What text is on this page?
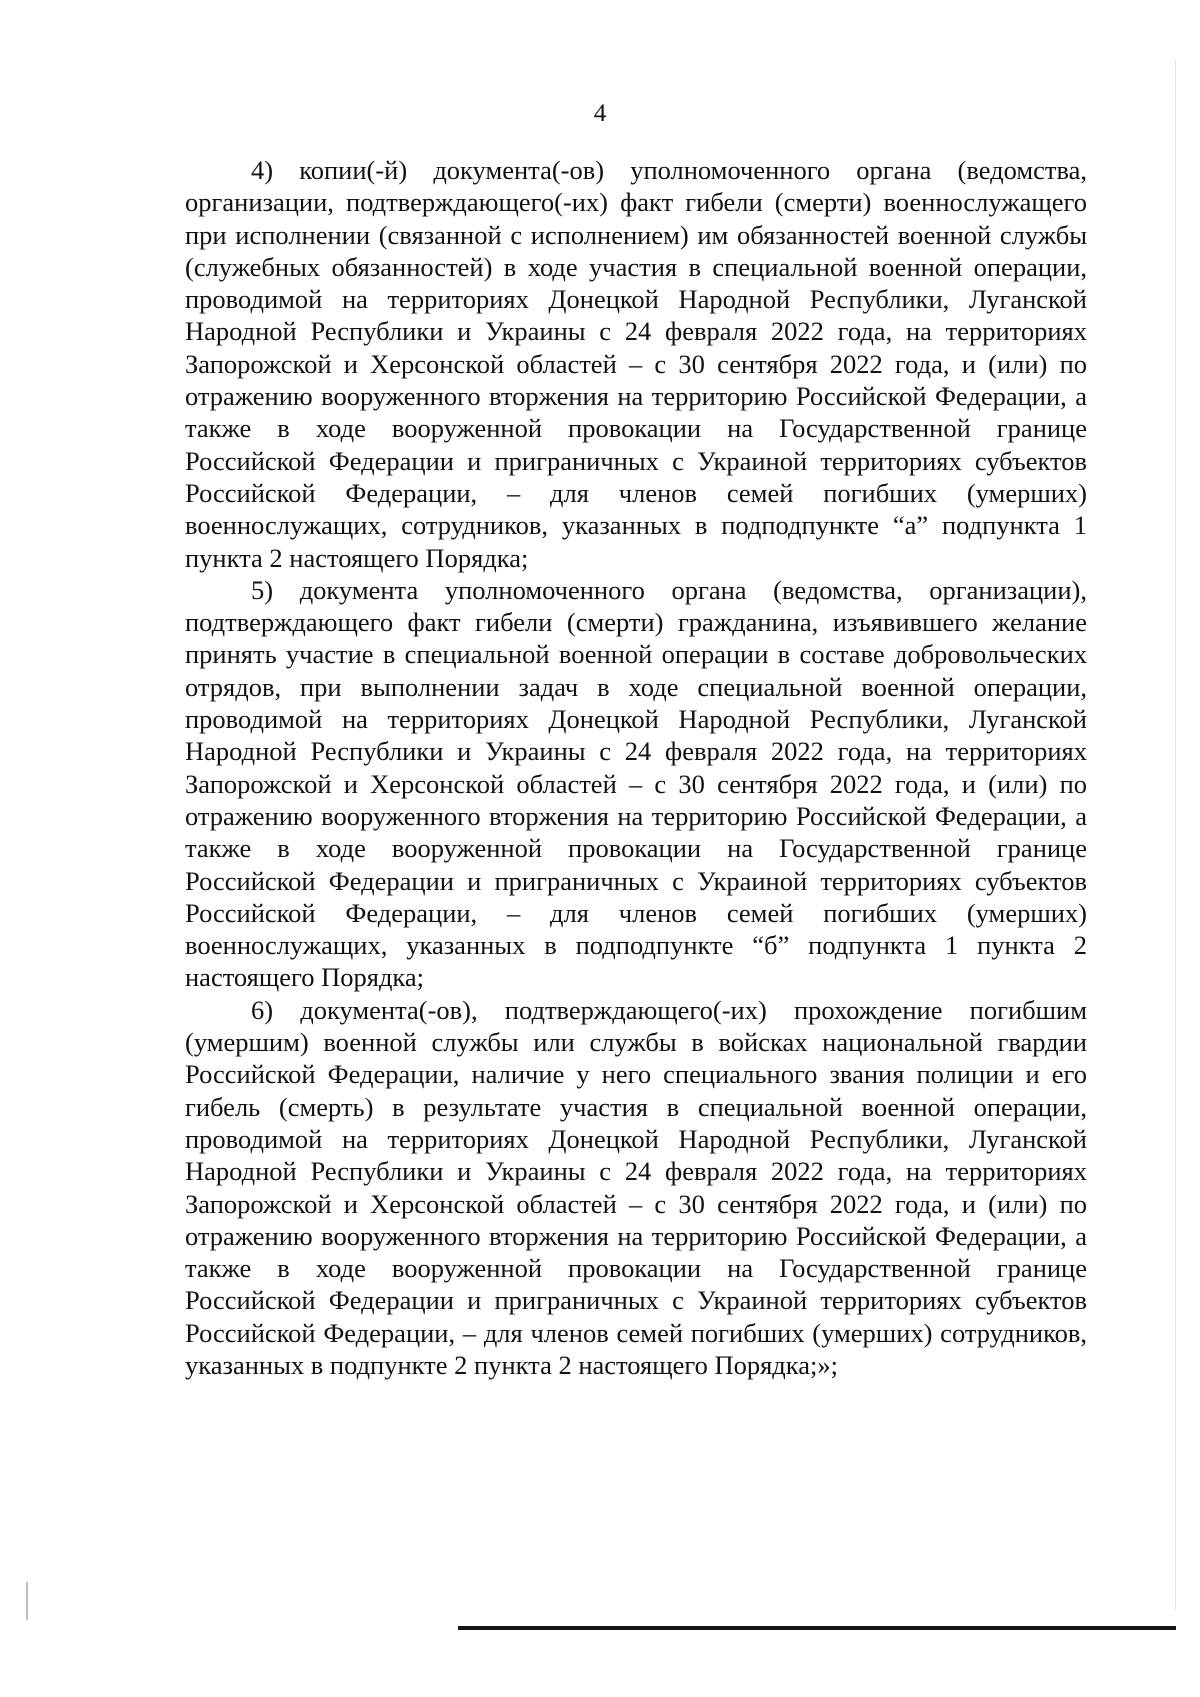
4

4) копии(-й) документа(-ов) уполномоченного органа (ведомства, организации, подтверждающего(-их) факт гибели (смерти) военнослужащего при исполнении (связанной с исполнением) им обязанностей военной службы (служебных обязанностей) в ходе участия в специальной военной операции, проводимой на территориях Донецкой Народной Республики, Луганской Народной Республики и Украины с 24 февраля 2022 года, на территориях Запорожской и Херсонской областей – с 30 сентября 2022 года, и (или) по отражению вооруженного вторжения на территорию Российской Федерации, а также в ходе вооруженной провокации на Государственной границе Российской Федерации и приграничных с Украиной территориях субъектов Российской Федерации, – для членов семей погибших (умерших) военнослужащих, сотрудников, указанных в подподпункте “а” подпункта 1 пункта 2 настоящего Порядка;

5) документа уполномоченного органа (ведомства, организации), подтверждающего факт гибели (смерти) гражданина, изъявившего желание принять участие в специальной военной операции в составе добровольческих отрядов, при выполнении задач в ходе специальной военной операции, проводимой на территориях Донецкой Народной Республики, Луганской Народной Республики и Украины с 24 февраля 2022 года, на территориях Запорожской и Херсонской областей – с 30 сентября 2022 года, и (или) по отражению вооруженного вторжения на территорию Российской Федерации, а также в ходе вооруженной провокации на Государственной границе Российской Федерации и приграничных с Украиной территориях субъектов Российской Федерации, – для членов семей погибших (умерших) военнослужащих, указанных в подподпункте “б” подпункта 1 пункта 2 настоящего Порядка;

6) документа(-ов), подтверждающего(-их) прохождение погибшим (умершим) военной службы или службы в войсках национальной гвардии Российской Федерации, наличие у него специального звания полиции и его гибель (смерть) в результате участия в специальной военной операции, проводимой на территориях Донецкой Народной Республики, Луганской Народной Республики и Украины с 24 февраля 2022 года, на территориях Запорожской и Херсонской областей – с 30 сентября 2022 года, и (или) по отражению вооруженного вторжения на территорию Российской Федерации, а также в ходе вооруженной провокации на Государственной границе Российской Федерации и приграничных с Украиной территориях субъектов Российской Федерации, – для членов семей погибших (умерших) сотрудников, указанных в подпункте 2 пункта 2 настоящего Порядка;»;
